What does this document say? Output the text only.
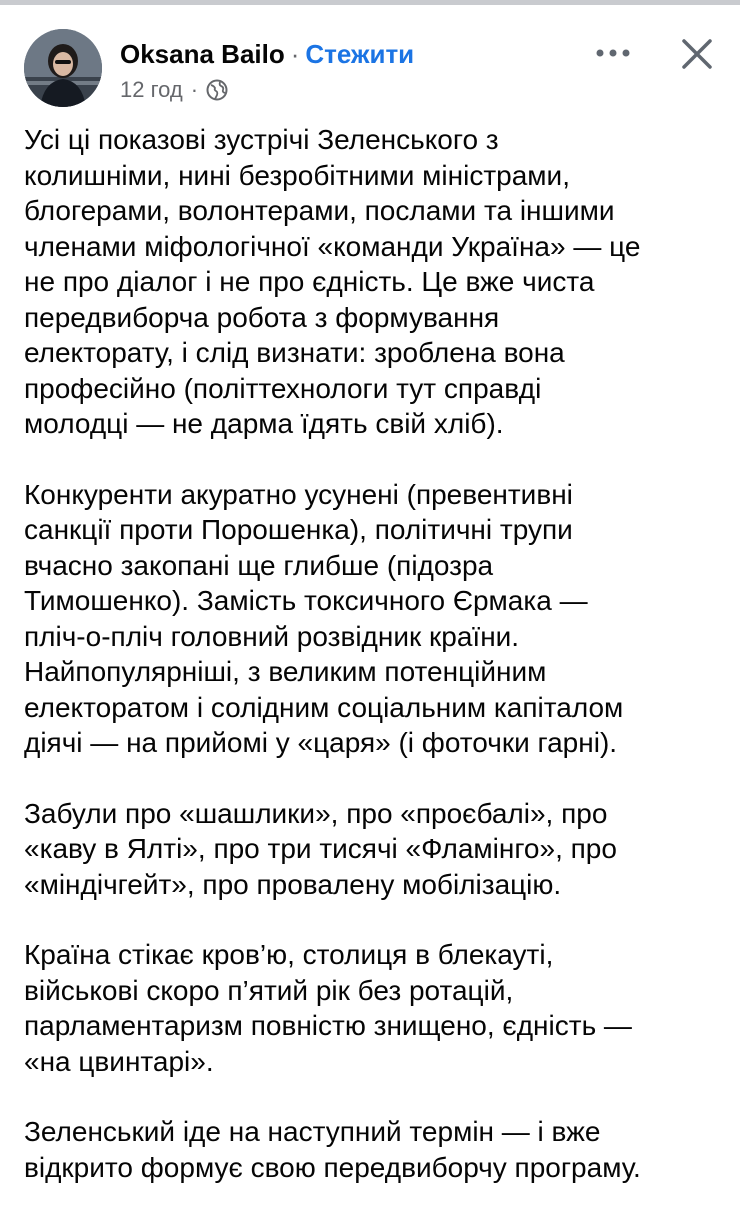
Oksana Bailo · Стежити
12 год ·

Усі ці показові зустрічі Зеленського з
колишніми, нині безробітними міністрами,
блогерами, волонтерами, послами та іншими
членами міфологічної «команди Україна» — це
не про діалог і не про єдність. Це вже чиста
передвиборча робота з формування
електорату, і слід визнати: зроблена вона
професійно (політтехнологи тут справді
молодці — не дарма їдять свій хліб).

Конкуренти акуратно усунені (превентивні
санкції проти Порошенка), політичні трупи
вчасно закопані ще глибше (підозра
Тимошенко). Замість токсичного Єрмака —
пліч-о-пліч головний розвідник країни.
Найпопулярніші, з великим потенційним
електоратом і солідним соціальним капіталом
діячі — на прийомі у «царя» (і фоточки гарні).

Забули про «шашлики», про «проєбалі», про
«каву в Ялті», про три тисячі «Фламінго», про
«міндічгейт», про провалену мобілізацію.

Країна стікає кров’ю, столиця в блекауті,
військові скоро п’ятий рік без ротацій,
парламентаризм повністю знищено, єдність —
«на цвинтарі».

Зеленський іде на наступний термін — і вже
відкрито формує свою передвиборчу програму.
